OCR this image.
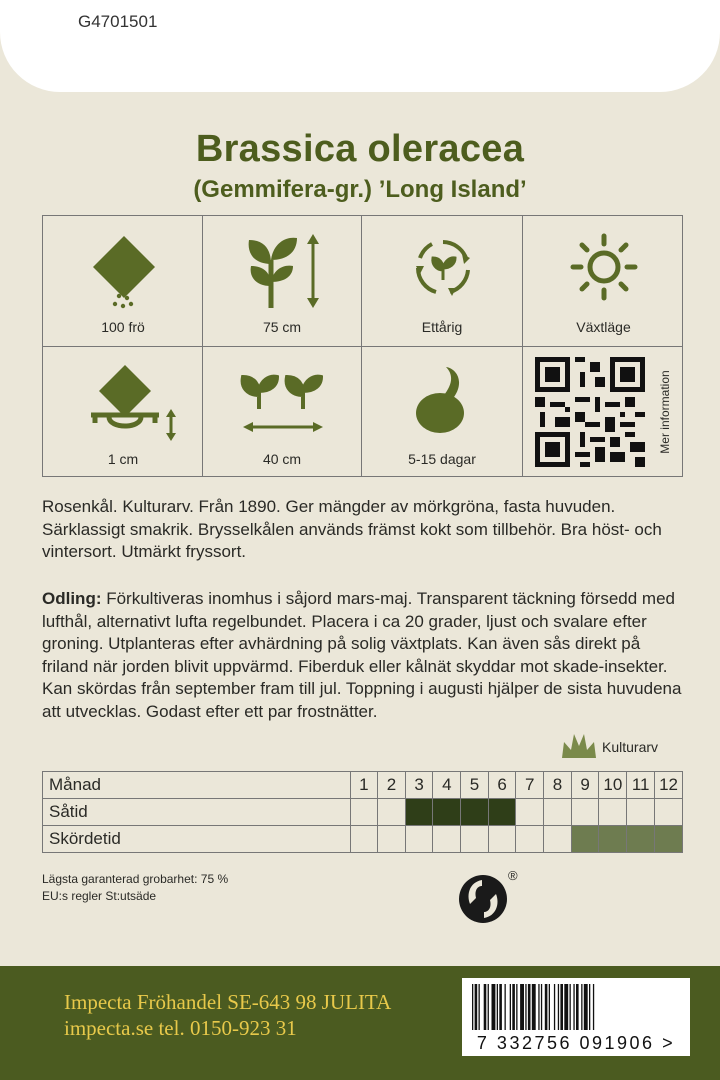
G4701501
Brassica oleracea
(Gemmifera-gr.) ’Long Island’
100 frö	75 cm	Ettårig	Växtläge
1 cm	40 cm	5-15 dagar
Mer information
Rosenkål. Kulturarv. Från 1890. Ger mängder av mörkgröna, fasta huvuden. Särklassigt smakrik. Brysselkålen används främst kokt som tillbehör. Bra höst- och vintersort. Utmärkt fryssort.
Odling: Förkultiveras inomhus i såjord mars-maj. Transparent täckning försedd med lufthål, alternativt lufta regelbundet. Placera i ca 20 grader, ljust och svalare efter groning. Utplanteras efter avhärdning på solig växtplats. Kan även sås direkt på friland när jorden blivit uppvärmd. Fiberduk eller kålnät skyddar mot skade-insekter. Kan skördas från september fram till jul. Toppning i augusti hjälper de sista huvudena att utvecklas. Godast efter ett par frostnätter.
Kulturarv
Månad	1	2	3	4	5	6	7	8	9	10	11	12
Såtid												
Skördetid												
Lägsta garanterad grobarhet: 75 %
EU:s regler St:utsäde
®
Impecta Fröhandel SE-643 98 JULITA
impecta.se tel. 0150-923 31
7 332756 091906 >
